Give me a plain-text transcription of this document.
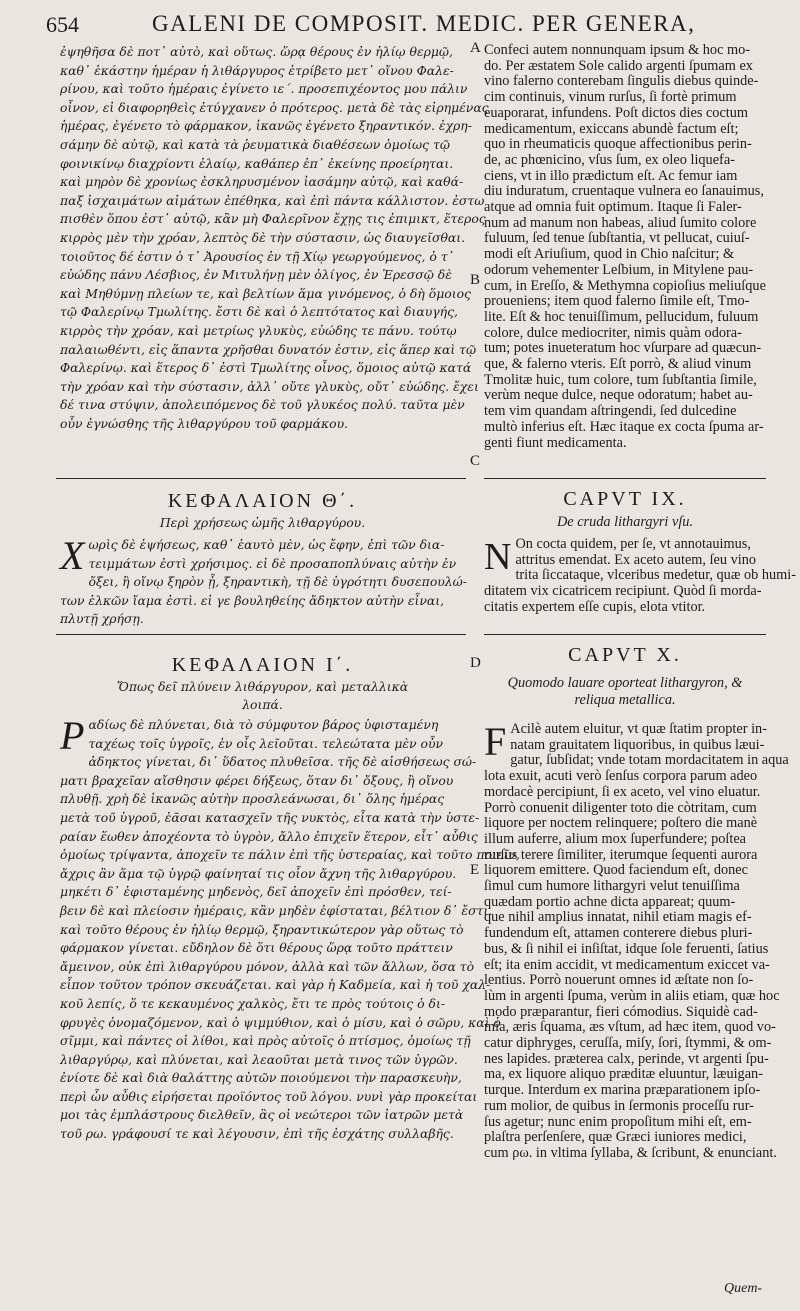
654	GALENI DE COMPOSIT. MEDIC. PER GENERA,
A
B
C
D
E
ἐψηθῆσα δὲ ποτ᾽ αὐτὸ, καὶ οὕτως. ὥρᾳ θέρους ἐν ἡλίῳ θερμῷ,
καθ᾽ ἑκάστην ἡμέραν ἡ λιθάργυρος ἐτρίβετο μετ᾽ οἴνου Φαλε-
ρίνου, καὶ τοῦτο ἡμέραις ἐγίνετο ιε΄. προσεπιχέοντος μου πάλιν
οἶνον, εἰ διαφορηθεὶς ἐτύγχανεν ὁ πρότερος. μετὰ δὲ τὰς εἰρημένας
ἡμέρας, ἐγένετο τὸ φάρμακον, ἱκανῶς ἐγένετο ξηραντικόν. ἐχρη-
σάμην δὲ αὐτῷ, καὶ κατὰ τὰ ῥευματικὰ διαθέσεων ὁμοίως τῷ
φοινικίνῳ διαχρίοντι ἐλαίῳ, καθάπερ ἐπ᾽ ἐκείνης προείρηται.
καὶ μηρὸν δὲ χρονίως ἐσκληρυσμένον ἰασάμην αὐτῷ, καὶ καθά-
παξ ἰσχαιμάτων αἱμάτων ἐπέθηκα, καὶ ἐπὶ πάντα κάλλιστον. ἐστω
πισθὲν ὅπου ἐστ᾽ αὐτῷ, κἂν μὴ Φαλερῖνον ἔχῃς τις ἐπιμικτ, ἕτερος
κιρρὸς μὲν τὴν χρόαν, λεπτὸς δὲ τὴν σύστασιν, ὡς διαυγεῖσθαι.
τοιοῦτος δέ ἐστιν ὁ τ᾽ Ἀρουσίος ἐν τῇ Χίῳ γεωργούμενος, ὁ τ᾽
εὐώδης πάνυ Λέσβιος, ἐν Μιτυλήνῃ μὲν ὀλίγος, ἐν Ἐρεσσῷ δὲ
καὶ Μηθύμνῃ πλείων τε, καὶ βελτίων ἅμα γινόμενος, ὁ δὴ ὅμοιος
τῷ Φαλερίνῳ Τμωλίτης. ἔστι δὲ καὶ ὁ λεπτότατος καὶ διαυγής,
κιρρὸς τὴν χρόαν, καὶ μετρίως γλυκὺς, εὐώδης τε πάνυ. τούτῳ
παλαιωθέντι, εἰς ἅπαντα χρῆσθαι δυνατόν ἐστιν, εἰς ἅπερ καὶ τῷ
Φαλερίνῳ. καὶ ἕτερος δ᾽ ἐστὶ Τμωλίτης οἶνος, ὅμοιος αὐτῷ κατά
τὴν χρόαν καὶ τὴν σύστασιν, ἀλλ᾽ οὔτε γλυκὺς, οὔτ᾽ εὐώδης. ἔχει
δέ τινα στύψιν, ἀπολειπόμενος δὲ τοῦ γλυκέος πολύ. ταῦτα μὲν
οὖν ἐγνώσθης τῆς λιθαργύρου τοῦ φαρμάκου.
Confeci autem nonnunquam ipsum & hoc mo-
do. Per æstatem Sole calido argenti ſpumam ex
vino falerno conterebam ſingulis diebus quinde-
cim continuis, vinum rurſus, ſi fortè primum
euaporarat, infundens. Poſt dictos dies coctum
medicamentum, exiccans abundè factum eſt;
quo in rheumaticis quoque affectionibus perin-
de, ac phœnicino, vſus ſum, ex oleo liquefa-
ciens, vt in illo prædictum eſt. Ac femur iam
diu induratum, cruentaque vulnera eo ſanauimus,
atque ad omnia fuit optimum. Itaque ſi Faler-
num ad manum non habeas, aliud ſumito colore
fuluum, ſed tenue ſubſtantia, vt pellucat, cuiuſ-
modi eſt Ariuſium, quod in Chio naſcitur; &
odorum vehementer Leſbium, in Mitylene pau-
cum, in Ereſſo, & Methymna copioſius meliuſque
proueniens; item quod falerno ſimile eſt, Tmo-
lite. Eſt & hoc tenuiſſimum, pellucidum, fuluum
colore, dulce mediocriter, nimis quàm odora-
tum; potes inueteratum hoc vſurpare ad quæcun-
que, & falerno vteris. Eſt porrò, & aliud vinum
Tmolitæ huic, tum colore, tum ſubſtantia ſimile,
verùm neque dulce, neque odoratum; habet au-
tem vim quandam aſtringendi, ſed dulcedine
multò inferius eſt. Hæc itaque ex cocta ſpuma ar-
genti fiunt medicamenta.
ΚΕΦΑΛΑΙΟΝ Θ΄.
Περὶ χρήσεως ὠμῆς λιθαργύρου.
Χ ωρὶς δὲ ἑψήσεως, καθ᾽ ἑαυτὸ μὲν, ὡς ἔφην, ἐπὶ τῶν δια-
τειμμάτων ἐστὶ χρήσιμος. εἰ δὲ προσαποπλύναις αὐτὴν ἐν
ὄξει, ἢ οἴνῳ ξηρὸν ᾖ, ξηραντικὴ, τῇ δὲ ὑγρότητι δυσεπουλώ-
των ἑλκῶν ἴαμα ἐστὶ. εἰ γε βουληθείης ἄδηκτον αὐτὴν εἶναι,
πλυτῇ χρήσῃ.
CAPVT IX.
De cruda lithargyri vſu.
N On cocta quidem, per ſe, vt annotauimus,
attritus emendat. Ex aceto autem, ſeu vino
trita ſiccataque, vlceribus medetur, quæ ob humi-
ditatem vix cicatricem recipiunt. Quòd ſi morda-
citatis expertem eſſe cupis, elota vtitor.
ΚΕΦΑΛΑΙΟΝ Ι΄.
Ὅπως δεῖ πλύνειν λιθάργυρον, καὶ μεταλλικὰ
λοιπά.
Ρ αδίως δὲ πλύνεται, διὰ τὸ σύμφυτον βάρος ὑφισταμένη
ταχέως τοῖς ὑγροῖς, ἐν οἷς λεῖοῦται. τελεώτατα μὲν οὖν
ἀδηκτος γίνεται, δι᾽ ὕδατος πλυθεῖσα. τῆς δὲ αἰσθήσεως σώ-
ματι βραχεῖαν αἴσθησιν φέρει δήξεως, ὅταν δι᾽ ὄξους, ἢ οἴνου
πλυθῇ. χρὴ δὲ ἱκανῶς αὐτὴν προσλεάνωσαι, δι᾽ ὅλης ἡμέρας
μετὰ τοῦ ὑγροῦ, ἐᾶσαι κατασχεῖν τῆς νυκτὸς, εἶτα κατὰ τὴν ὑστε-
ραίαν ἕωθεν ἀποχέοντα τὸ ὑγρὸν, ἄλλο ἐπιχεῖν ἕτερον, εἶτ᾽ αὖθις
ὁμοίως τρίψαντα, ἀποχεῖν τε πάλιν ἐπὶ τῆς ὑστεραίας, καὶ τοῦτο ποιεῖν,
ἄχρις ἂν ἅμα τῷ ὑγρῷ φαίνηταί τις οἷον ἄχνη τῆς λιθαργύρου.
μηκέτι δ᾽ ἐφισταμένης μηδενὸς, δεῖ ἀποχεῖν ἐπὶ πρόσθεν, τεί-
βειν δὲ καὶ πλείοσιν ἡμέραις, κἂν μηδὲν ἐφίσταται, βέλτιον δ᾽ ἔστι.
καὶ τοῦτο θέρους ἐν ἡλίῳ θερμῷ, ξηραντικώτερον γὰρ οὕτως τὸ
φάρμακον γίνεται. εὔδηλον δὲ ὅτι θέρους ὥρᾳ τοῦτο πράττειν
ἄμεινον, οὐκ ἐπὶ λιθαργύρου μόνον, ἀλλὰ καὶ τῶν ἄλλων, ὅσα τὸ
εἶπον τοῦτον τρόπον σκευάζεται. καὶ γὰρ ἡ Καδμεία, καὶ ἡ τοῦ χαλ-
κοῦ λεπίς, ὅ τε κεκαυμένος χαλκὸς, ἔτι τε πρὸς τούτοις ὁ δι-
φρυγὲς ὀνομαζόμενον, καὶ ὁ ψιμμύθιον, καὶ ὁ μίσυ, καὶ ὁ σῶρυ, καὶ ὁ
σῖμμι, καὶ πάντες οἱ λίθοι, καὶ πρὸς αὐτοῖς ὁ πτίσμος, ὁμοίως τῇ
λιθαργύρῳ, καὶ πλύνεται, καὶ λεαοῦται μετὰ τινος τῶν ὑγρῶν.
ἐνίοτε δὲ καὶ διὰ θαλάττης αὐτῶν ποιούμενοι τὴν παρασκευὴν,
περὶ ὧν αὖθις εἰρήσεται προϊόντος τοῦ λόγου. νυνὶ γὰρ προκείται
μοι τὰς ἐμπλάστρους διελθεῖν, ἃς οἱ νεώτεροι τῶν ἰατρῶν μετὰ
τοῦ ρω. γράφουσί τε καὶ λέγουσιν, ἐπὶ τῆς ἐσχάτης συλλαβῆς.
CAPVT X.
Quomodo lauare oporteat lithargyron, &
reliqua metallica.
F Acilè autem eluitur, vt quæ ſtatim propter in-
natam grauitatem liquoribus, in quibus læui-
gatur, ſubſidat; vnde totam mordacitatem in aqua
lota exuit, acuti verò ſenſus corpora parum adeo
mordacè percipiunt, ſi ex aceto, vel vino eluatur.
Porrò conuenit diligenter toto die còtritam, cum
liquore per noctem relinquere; poſtero die manè
illum auferre, alium mox ſuperfundere; poſtea
rurſus terere ſimiliter, iterumque ſequenti aurora
liquorem emittere. Quod faciendum eſt, donec
ſimul cum humore lithargyri velut tenuiſſima
quædam portio achne dicta appareat; quum-
que nihil amplius innatat, nihil etiam magis ef-
fundendum eſt, attamen conterere diebus pluri-
bus, & ſi nihil ei inſiſtat, idque ſole feruenti, ſatius
eſt; ita enim accidit, vt medicamentum exiccet va-
lentius. Porrò nouerunt omnes id æſtate non ſo-
lùm in argenti ſpuma, verùm in aliis etiam, quæ hoc
modo præparantur, fieri cómodius. Siquidè cad-
mia, æris ſquama, æs vſtum, ad hæc item, quod vo-
catur diphryges, ceruſſa, miſy, ſori, ſtymmi, & om-
nes lapides. præterea calx, perinde, vt argenti ſpu-
ma, ex liquore aliquo præditæ eluuntur, læuigan-
turque. Interdum ex marina præparationem ipſo-
rum molior, de quibus in ſermonis proceſſu rur-
ſus agetur; nunc enim propoſitum mihi eſt, em-
plaſtra perſenſere, quæ Græci iuniores medici,
cum ρω. in vltima ſyllaba, & ſcribunt, & enunciant.
Quem-
